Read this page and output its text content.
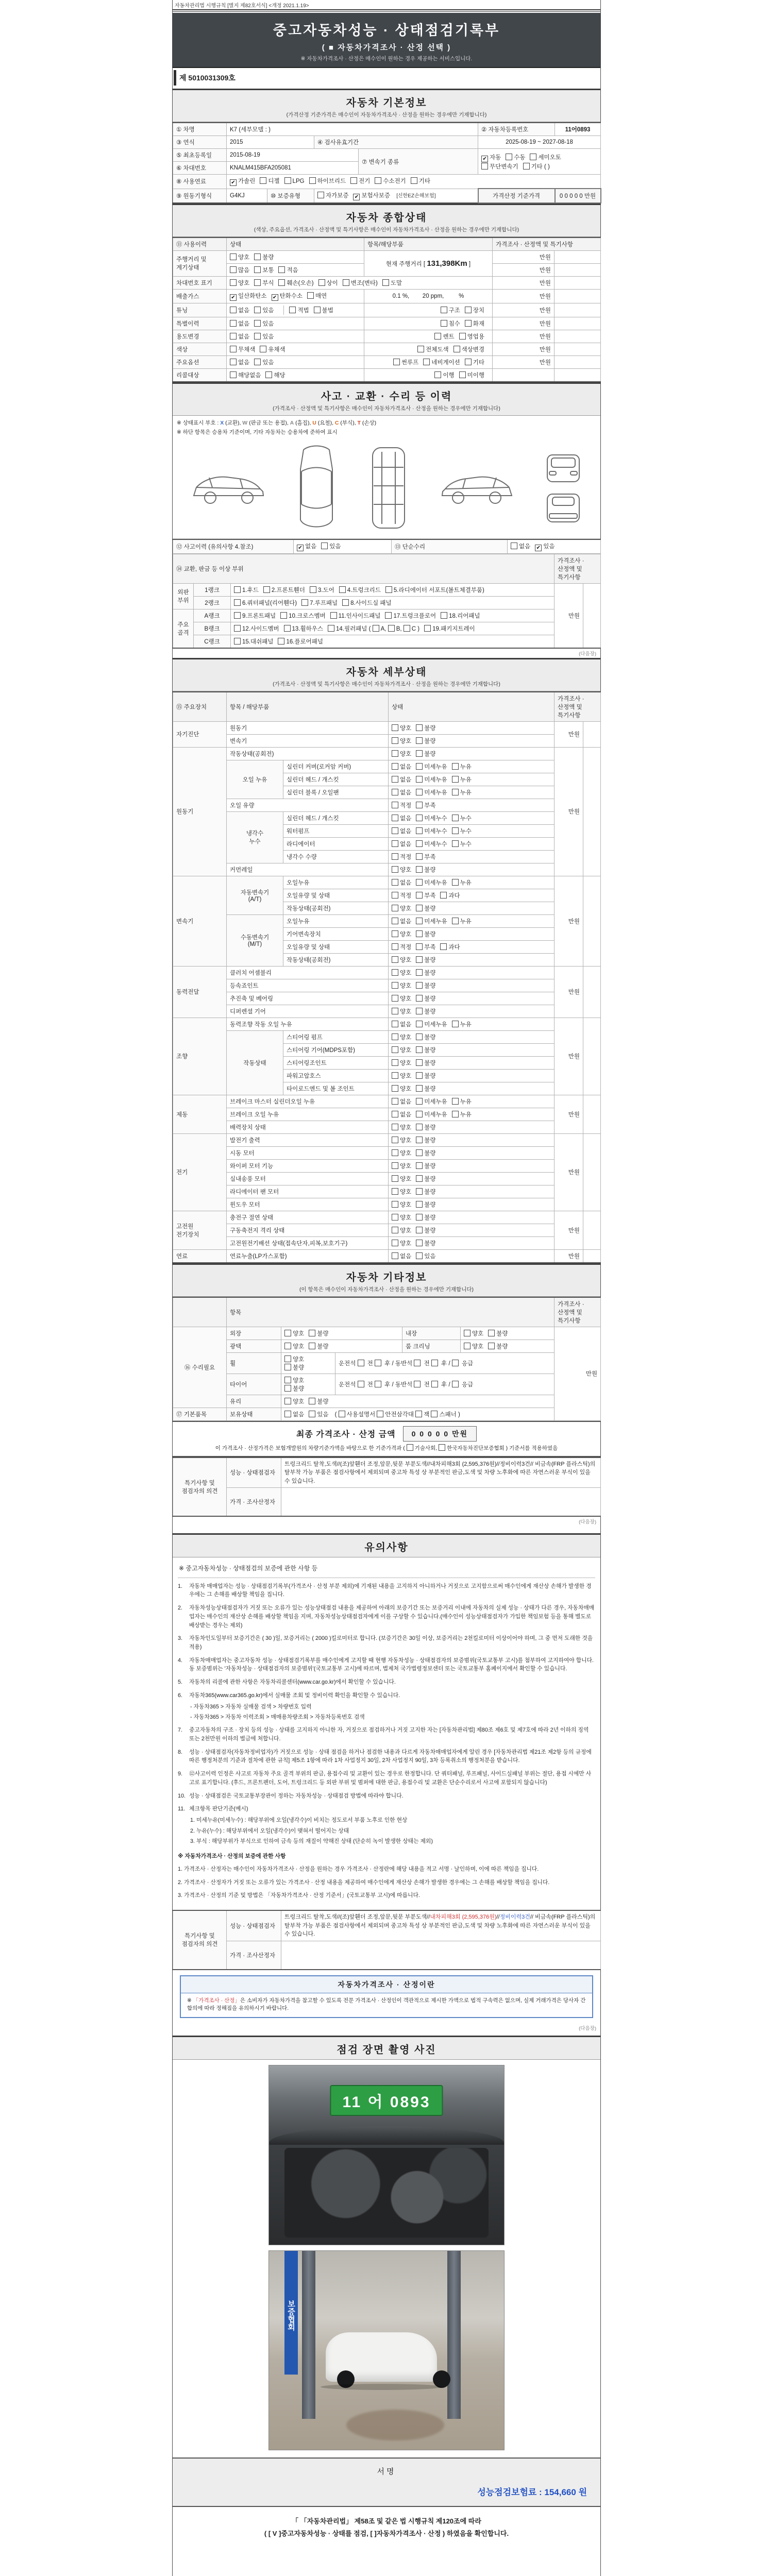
자동차관리법 시행규칙 [별지 제82호서식] <개정 2021.1.19>
중고자동차성능 · 상태점검기록부
( ■ 자동차가격조사 · 산정 선택 )
※ 자동차가격조사 · 산정은 매수인이 원하는 경우 제공하는 서비스입니다.
제 5010031309호
자동차 기본정보
(가격산정 기준가격은 매수인이 자동차가격조사 · 산정을 원하는 경우에만 기재합니다)
① 차명	K7 (세부모델 : )				② 자동차등록번호	11어0893
③ 연식	2015		④ 검사유효기간		2025-08-19 ~ 2027-08-18	
⑤ 최초등록일	2015-08-19			⑦ 변속기 종류	✔ 자동 수동 세미오토무단변속기 기타 ( )	
⑥ 차대번호	KNALM415BFA205081					
⑧ 사용연료	✔ 가솔린 디젤 LPG 하이브리드 전기 수소전기 기타					
⑨ 원동기형식	G4KJ	⑩ 보증유형	자가보증 ✔ 보험사보증 [신한EZ손해보험]		가격산정 기준가격	0 0 0 0 0 만원
자동차 종합상태
(색상, 주요옵션, 가격조사 · 산정액 및 특기사항은 매수인이 자동차가격조사 · 산정을 원하는 경우에만 기재합니다)
⑪ 사용이력	상태	항목/해당부품	가격조사 · 산정액 및 특기사항	
주행거리 및
계기상태	양호 불량	현재 주행거리 [ 131,398Km ]	만원	
	많음 보통 적음		만원	
차대번호 표기	양호 부식 훼손(오손) 상이 변조(변타) 도말		만원	
배출가스	✔ 일산화탄소 ✔ 탄화수소 매연	0.1 %,        20 ppm,         %	만원	
튜닝	없음 있음 적법 불법	구조 장치	만원	
특별이력	없음 있음	침수 화재	만원	
용도변경	없음 있음	렌트 영업용	만원	
색상	무채색 유채색	전체도색 색상변경	만원	
주요옵션	없음 있음	썬루프 네비게이션 기타	만원	
리콜대상	해당없음 해당	이행 미이행		
사고 · 교환 · 수리 등 이력
(가격조사 · 산정액 및 특기사항은 매수인이 자동차가격조사 · 산정을 원하는 경우에만 기재합니다)
※ 상태표시 부호 : X (교환), W (판금 또는 용접), A (흠집), U (요철), C (부식), T (손상)
※ 하단 항목은 승용차 기준이며, 기타 자동차는 승용차에 준하여 표시
⑫ 사고이력 (유의사항 4.참조)	✔ 없음 있음	⑬ 단순수리	없음 ✔ 있음
⑭ 교환, 판금 등 이상 부위			가격조사 · 산정액 및 특기사항	
외판
부위	1랭크	1.후드 2.프론트휀더 3.도어 4.트렁크리드 5.라디에이터 서포트(볼트체결부품)	만원	
	2랭크	6.쿼터패널(리어휀다) 7.루프패널 8.사이드실 패널		
주요
골격	A랭크	9.프론트패널 10.크로스멤버 11.인사이드패널 17.트렁크플로어 18.리어패널		
	B랭크	12.사이드멤버 13.휠하우스 14.필러패널 ( A, B, C ) 19.패키지트레이		
	C랭크	15.대쉬패널 16.플로어패널		
(다음장)
자동차 세부상태
(가격조사 · 산정액 및 특기사항은 매수인이 자동차가격조사 · 산정을 원하는 경우에만 기재합니다)
⑮ 주요장치	항목 / 해당부품		상태	가격조사 · 산정액 및 특기사항	
자기진단	원동기		양호 불량	만원	
	변속기		양호 불량		
원동기	작동상태(공회전)		양호 불량	만원	
	오일 누유	실린더 커버(로커암 커버)	없음 미세누유 누유		
		실린더 헤드 / 개스킷	없음 미세누유 누유		
		실린더 블록 / 오일팬	없음 미세누유 누유		
	오일 유량		적정 부족		
	냉각수
누수	실린더 헤드 / 개스킷	없음 미세누수 누수		
		워터펌프	없음 미세누수 누수		
		라디에이터	없음 미세누수 누수		
		냉각수 수량	적정 부족		
	커먼레일		양호 불량		
변속기	자동변속기
(A/T)	오일누유	없음 미세누유 누유	만원	
		오일유량 및 상태	적정 부족 과다		
		작동상태(공회전)	양호 불량		
	수동변속기
(M/T)	오일누유	없음 미세누유 누유		
		기어변속장치	양호 불량		
		오일유량 및 상태	적정 부족 과다		
		작동상태(공회전)	양호 불량		
동력전달	클러치 어셈블리		양호 불량	만원	
	등속죠인트		양호 불량		
	추진축 및 베어링		양호 불량		
	디퍼렌셜 기어		양호 불량		
조향	동력조향 작동 오일 누유		없음 미세누유 누유	만원	
	작동상태	스티어링 펌프	양호 불량		
		스티어링 기어(MDPS포함)	양호 불량		
		스티어링조인트	양호 불량		
		파워고압호스	양호 불량		
		타이로드엔드 및 볼 조인트	양호 불량		
제동	브레이크 마스터 실린더오일 누유		없음 미세누유 누유	만원	
	브레이크 오일 누유		없음 미세누유 누유		
	배력장치 상태		양호 불량		
전기	발전기 출력		양호 불량	만원	
	시동 모터		양호 불량		
	와이퍼 모터 기능		양호 불량		
	실내송풍 모터		양호 불량		
	라디에이터 팬 모터		양호 불량		
	윈도우 모터		양호 불량		
고전원
전기장치	충전구 절연 상태		양호 불량	만원	
	구동축전지 격리 상태		양호 불량		
	고전원전기배선 상태(접속단자,피복,보호기구)		양호 불량		
연료	연료누출(LP가스포함)		없음 있음	만원	
자동차 기타정보
(이 항목은 매수인이 자동차가격조사 · 산정을 원하는 경우에만 기재합니다)
	항목					가격조사 · 산정액 및 특기사항
⑯ 수리필요	외장	양호 불량		내장	양호 불량	만원
	광택	양호 불량		룸 크리닝	양호 불량	
	휠	양호불량	운전석  전  후 / 동반석  전  후 /  응급			
	타이어	양호불량	운전석  전  후 / 동반석  전  후 /  응급			
	유리	양호 불량				
⑰ 기본품목	보유상태	없음 있음 ( 사용설명서 안전삼각대 잭 스패너 )				
최종 가격조사 · 산정 금액	0 0 0 0 0 만원
이 가격조사 · 산정가격은 보험개발원의 차량기준가액을 바탕으로 한 기준가격과 ( 기술사회, 한국자동차진단보증협회 ) 기준서를 적용하였음
특기사항 및
점검자의 의견	성능 · 상태점검자	트렁크리드 탈착,도색//(조)앞휀더 조정,앞문,뒷문 부분도색//내차피해3회 (2,595,376원)//정비이력3건// 비금속(FRP 플라스틱)의 탈부착 가능 부품은 점검사항에서 제외되며 중고차 특성 상 부분적인 판금,도색 및 차량 노후화에 따른 자연스러운 부식이 있을 수 있습니다.
	가격 · 조사산정자	
(다음장)
유의사항
※ 중고자동차성능 · 상태점검의 보증에 관한 사항 등

1.	자동차 매매업자는 성능 · 상태점검기록부(가격조사 · 산정 부분 제외)에 기재된 내용을 고지하지 아니하거나 거짓으로 고지함으로써 매수인에게 재산상 손해가 발생한 경우에는 그 손해를 배상할 책임을 집니다.

2.	자동차성능상태점검자가 거짓 또는 오류가 있는 성능상태점검 내용을 제공하여 아래의 보증기간 또는 보증거리 이내에 자동차의 실제 성능 · 상태가 다른 경우, 자동차매매업자는 매수인의 재산상 손해를 배상할 책임을 지며, 자동차성능상태점검자에게 이를 구상할 수 있습니다.(매수인이 성능상태점검자가 가입한 책임보험 등을 통해 별도로 배상받는 경우는 제외)

3.	자동차인도일부터 보증기간은 ( 30 )일, 보증거리는 ( 2000 )킬로미터로 합니다. (보증기간은 30일 이상, 보증거리는 2천킬로미터 이상이어야 하며, 그 중 먼저 도래한 것을 적용)

4.	자동차매매업자는 중고자동차 성능 · 상태점검기록부를 매수인에게 고지할 때 현행 자동차성능 · 상태점검자의 보증범위(국토교통부 고시)를 첨부하여 고지하여야 합니다. 동 보증범위는 '자동차성능 · 상태점검자의 보증범위'(국토교통부 고시)에 따르며, 법제처 국가법령정보센터 또는 국토교통부 홈페이지에서 확인할 수 있습니다.

5.	자동차의 리콜에 관한 사항은 자동차리콜센터(www.car.go.kr)에서 확인할 수 있습니다.

6.	자동차365(www.car365.go.kr)에서 실매물 조회 및 정비이력 확인을 확인할 수 있습니다.

- 자동차365 > 자동차 실매물 검색 > 차량번호 입력
- 자동차365 > 자동차 이력조회 > 매매용차량조회 > 자동차등록번호 검색

7.	중고자동차의 구조 · 장치 등의 성능 · 상태를 고지하지 아니한 자, 거짓으로 점검하거나 거짓 고지한 자는 [자동차관리법] 제80조 제6호 및 제7호에 따라 2년 이하의 징역 또는 2천만원 이하의 벌금에 처합니다.

8.	성능 · 상태점검자(자동차정비업자)가 거짓으로 성능 · 상태 점검을 하거나 점검한 내용과 다르게 자동차매매업자에게 알린 경우 [자동차관리법 제21조 제2항 등의 규정에 따른 행정처분의 기준과 절차에 관한 규칙] 제5조 1항에 따라 1차 사업정지 30일, 2차 사업정지 90일, 3차 등록취소의 행정처분을 받습니다.

9.	⑫사고이력 인정은 사고로 자동차 주요 골격 부위의 판금, 용접수리 및 교환이 있는 경우로 한정합니다. 단 쿼터패널, 루프패널, 사이드실패널 부위는 절단, 용접 시에만 사고로 표기합니다. (후드, 프론트펜더, 도어, 트렁크리드 등 외판 부위 및 범퍼에 대한 판금, 용접수리 및 교환은 단순수리로서 사고에 포함되지 않습니다)

10. 성능 · 상태점검은 국토교통부장관이 정하는 자동차성능 · 상태점검 방법에 따라야 합니다.

11. 체크항목 판단기준(예시)

1. 미세누유(미세누수) : 해당부위에 오일(냉각수)이 비치는 정도로서 부품 노후로 인한 현상
2. 누유(누수) : 해당부위에서 오일(냉각수)이 맺혀서 떨어지는 상태
3. 부식 : 해당부위가 부식으로 인하여 금속 등의 재질이 약해진 상태 (단순히 녹이 발생한 상태는 제외)
※ 자동차가격조사 · 산정의 보증에 관한 사항

1. 가격조사 · 산정자는 매수인이 자동차가격조사 · 산정을 원하는 경우 가격조사 · 산정란에 해당 내용을 적고 서명 · 날인하며, 이에 따른 책임을 집니다.

2. 가격조사 · 산정자가 거짓 또는 오류가 있는 가격조사 · 산정 내용을 제공하여 매수인에게 재산상 손해가 발생한 경우에는 그 손해를 배상할 책임을 집니다.

3. 가격조사 · 산정의 기준 및 방법은 「자동차가격조사 · 산정 기준서」(국토교통부 고시)에 따릅니다.

특기사항 및
점검자의 의견	성능 · 상태점검자	트렁크리드 탈착,도색//(조)앞휀더 조정,앞문,뒷문 부분도색//내차피해3회 (2,595,376원)//정비이력3건// 비금속(FRP 플라스틱)의 탈부착 가능 부품은 점검사항에서 제외되며 중고차 특성 상 부분적인 판금,도색 및 차량 노후화에 따른 자연스러운 부식이 있을 수 있습니다.
	가격 · 조사산정자	
자동차가격조사 · 산정이란
※ 「가격조사 · 산정」은 소비자가 자동차가격을 참고할 수 있도록 전문 가격조사 · 산정인이 객관적으로 제시한 가액으로 법적 구속력은 없으며, 실제 거래가격은 당사자 간 합의에 따라 정해짐을 유의하시기 바랍니다.
(다음장)
점검 장면 촬영 사진
11 어 0893
보증협회
서명
성능점검보험료 : 154,660 원
「 「자동차관리법」 제58조 및 같은 법 시행규칙 제120조에 따라
( [ V ]중고자동차성능 · 상태를 점검, [ ]자동차가격조사 · 산정 ) 하였음을 확인합니다.
